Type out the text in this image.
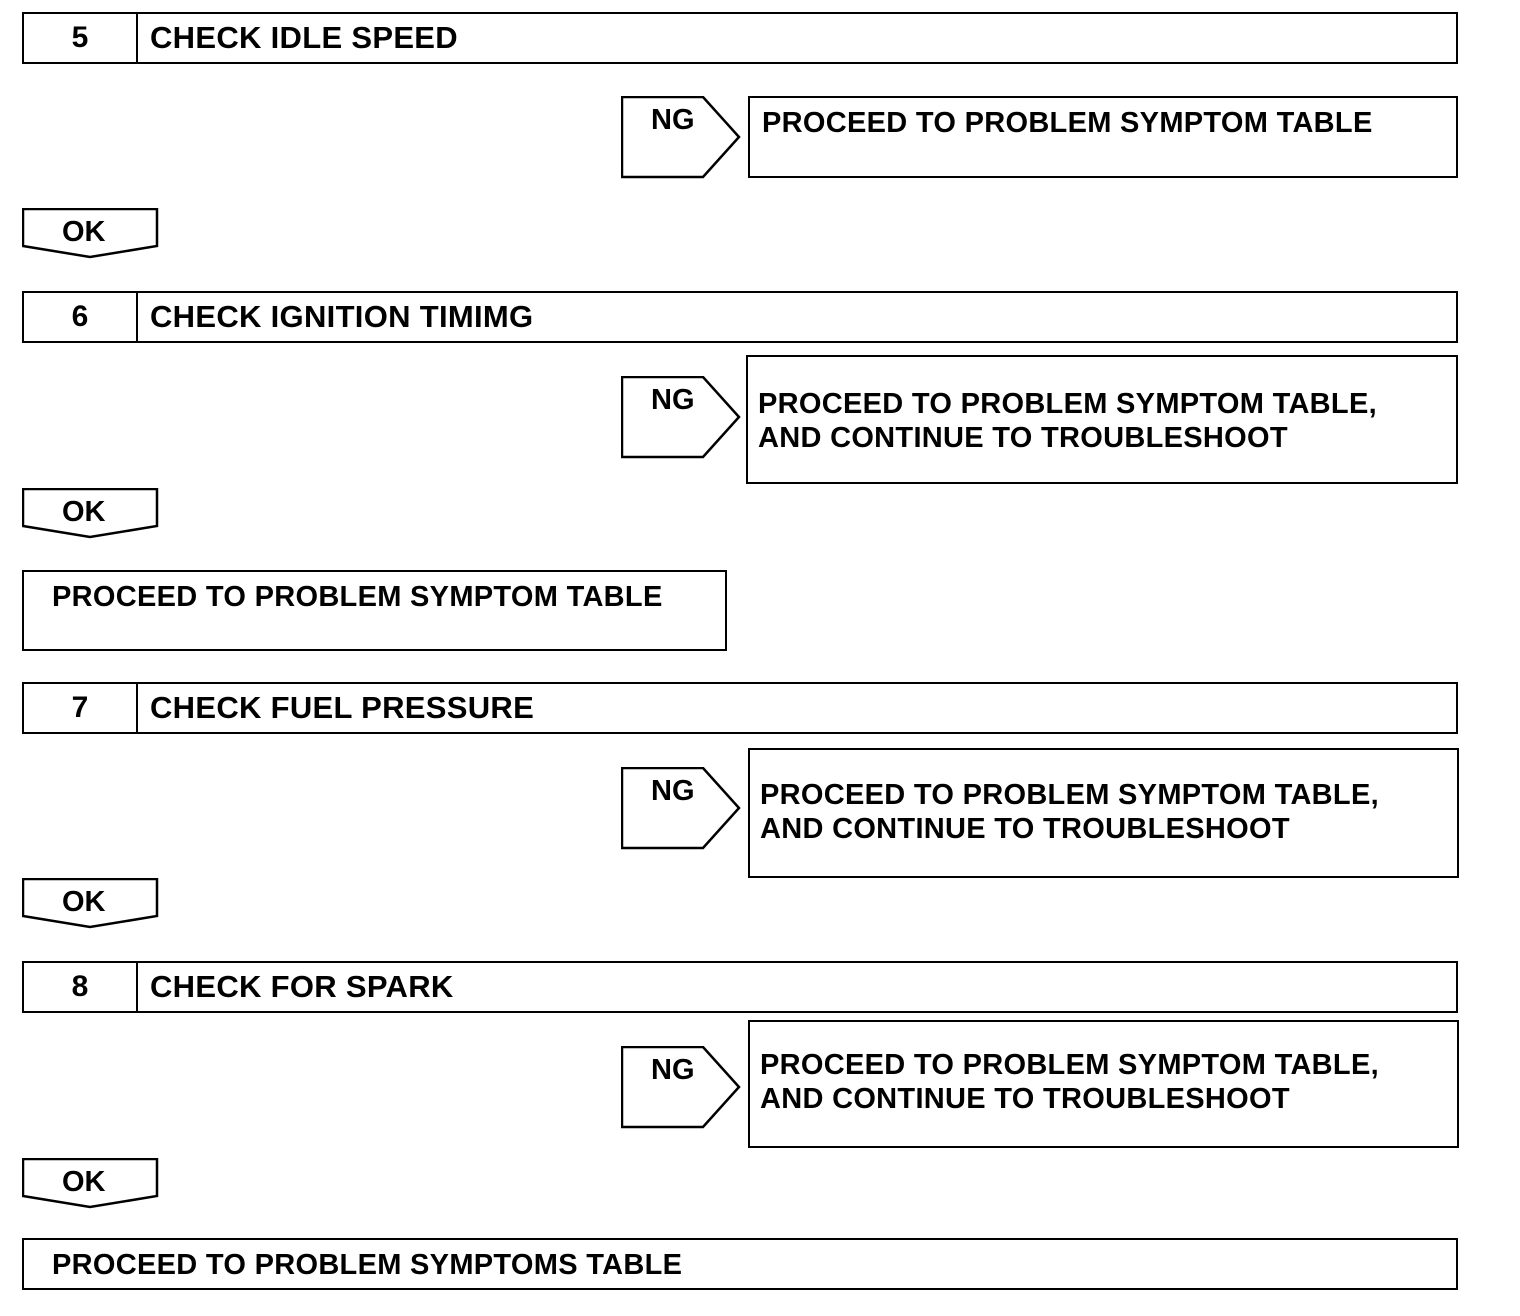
5	CHECK IDLE SPEED
NG PROCEED TO PROBLEM SYMPTOM TABLE
OK
6	CHECK IGNITION TIMIMG
NG PROCEED TO PROBLEM SYMPTOM TABLE,
AND CONTINUE TO TROUBLESHOOT
OK
PROCEED TO PROBLEM SYMPTOM TABLE
7	CHECK FUEL PRESSURE
NG PROCEED TO PROBLEM SYMPTOM TABLE,
AND CONTINUE TO TROUBLESHOOT
OK
8	CHECK FOR SPARK
NG PROCEED TO PROBLEM SYMPTOM TABLE,
AND CONTINUE TO TROUBLESHOOT
OK
PROCEED TO PROBLEM SYMPTOMS TABLE
